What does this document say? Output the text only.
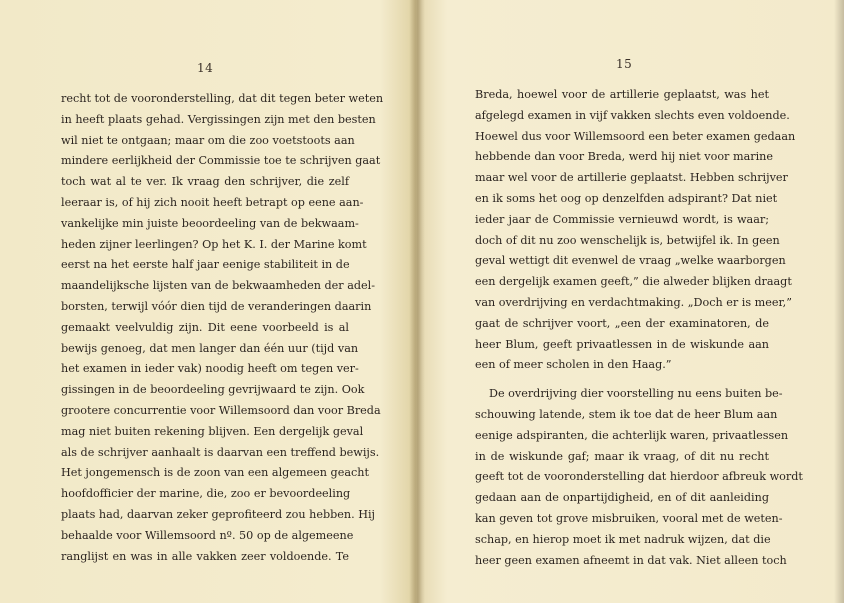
14
recht tot de vooronderstelling, dat dit tegen beter weten
in heeft plaats gehad. Vergissingen zijn met den besten
wil niet te ontgaan; maar om die zoo voetstoots aan
mindere eerlijkheid der Commissie toe te schrijven gaat
toch wat al te ver. Ik vraag den schrijver, die zelf
leeraar is, of hij zich nooit heeft betrapt op eene aan-
vankelijke min juiste beoordeeling van de bekwaam-
heden zijner leerlingen? Op het K. I. der Marine komt
eerst na het eerste half jaar eenige stabiliteit in de
maandelijksche lijsten van de bekwaamheden der adel-
borsten, terwijl vóór dien tijd de veranderingen daarin
gemaakt veelvuldig zijn. Dit eene voorbeeld is al
bewijs genoeg, dat men langer dan één uur (tijd van
het examen in ieder vak) noodig heeft om tegen ver-
gissingen in de beoordeeling gevrijwaard te zijn. Ook
grootere concurrentie voor Willemsoord dan voor Breda
mag niet buiten rekening blijven. Een dergelijk geval
als de schrijver aanhaalt is daarvan een treffend bewijs.
Het jongemensch is de zoon van een algemeen geacht
hoofdofficier der marine, die, zoo er bevoordeeling
plaats had, daarvan zeker geprofiteerd zou hebben. Hij
behaalde voor Willemsoord nº. 50 op de algemeene
ranglijst en was in alle vakken zeer voldoende. Te
15
Breda, hoewel voor de artillerie geplaatst, was het
afgelegd examen in vijf vakken slechts even voldoende.
Hoewel dus voor Willemsoord een beter examen gedaan
hebbende dan voor Breda, werd hij niet voor marine
maar wel voor de artillerie geplaatst. Hebben schrijver
en ik soms het oog op denzelfden adspirant? Dat niet
ieder jaar de Commissie vernieuwd wordt, is waar;
doch of dit nu zoo wenschelijk is, betwijfel ik. In geen
geval wettigt dit evenwel de vraag „welke waarborgen
een dergelijk examen geeft,” die alweder blijken draagt
van overdrijving en verdachtmaking. „Doch er is meer,”
gaat de schrijver voort, „een der examinatoren, de
heer Blum, geeft privaatlessen in de wiskunde aan
een of meer scholen in den Haag.”
De overdrijving dier voorstelling nu eens buiten be-
schouwing latende, stem ik toe dat de heer Blum aan
eenige adspiranten, die achterlijk waren, privaatlessen
in de wiskunde gaf; maar ik vraag, of dit nu recht
geeft tot de vooronderstelling dat hierdoor afbreuk wordt
gedaan aan de onpartijdigheid, en of dit aanleiding
kan geven tot grove misbruiken, vooral met de weten-
schap, en hierop moet ik met nadruk wijzen, dat die
heer geen examen afneemt in dat vak. Niet alleen toch
